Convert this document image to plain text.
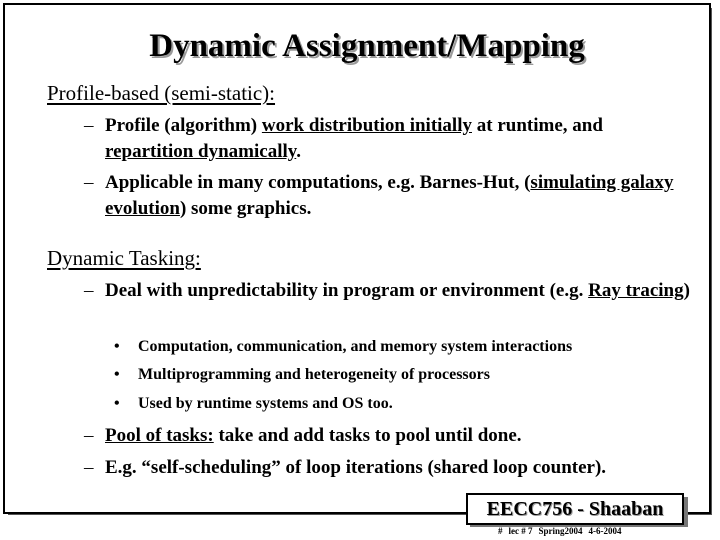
Dynamic Assignment/Mapping
Profile-based (semi-static):
– Profile (algorithm) work distribution initially at runtime, and repartition dynamically.
– Applicable in many computations, e.g. Barnes-Hut, (simulating galaxy evolution) some graphics.
Dynamic Tasking:
– Deal with unpredictability in program or environment (e.g. Ray tracing)
•	Computation, communication, and memory system interactions
•	Multiprogramming and heterogeneity of processors
•	Used by runtime systems and OS too.
– Pool of tasks: take and add tasks to pool until done.
– E.g. “self-scheduling” of loop iterations (shared loop counter).
EECC756 - Shaaban
# lec # 7 Spring2004 4-6-2004
